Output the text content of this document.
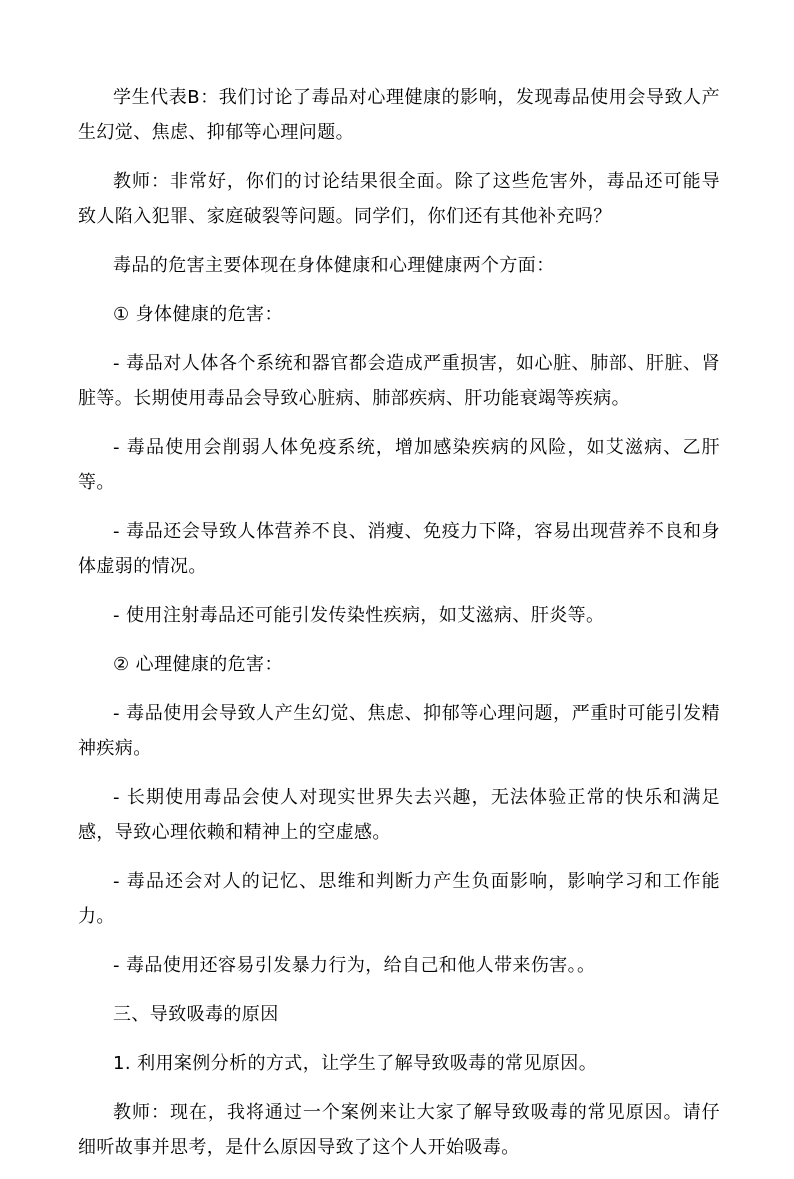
学生代表B：我们讨论了毒品对心理健康的影响，发现毒品使用会导致人产生幻觉、焦虑、抑郁等心理问题。

教师：非常好，你们的讨论结果很全面。除了这些危害外，毒品还可能导致人陷入犯罪、家庭破裂等问题。同学们，你们还有其他补充吗？

毒品的危害主要体现在身体健康和心理健康两个方面：

① 身体健康的危害：

- 毒品对人体各个系统和器官都会造成严重损害，如心脏、肺部、肝脏、肾脏等。长期使用毒品会导致心脏病、肺部疾病、肝功能衰竭等疾病。

- 毒品使用会削弱人体免疫系统，增加感染疾病的风险，如艾滋病、乙肝等。

- 毒品还会导致人体营养不良、消瘦、免疫力下降，容易出现营养不良和身体虚弱的情况。

- 使用注射毒品还可能引发传染性疾病，如艾滋病、肝炎等。

② 心理健康的危害：

- 毒品使用会导致人产生幻觉、焦虑、抑郁等心理问题，严重时可能引发精神疾病。

- 长期使用毒品会使人对现实世界失去兴趣，无法体验正常的快乐和满足感，导致心理依赖和精神上的空虚感。

- 毒品还会对人的记忆、思维和判断力产生负面影响，影响学习和工作能力。

- 毒品使用还容易引发暴力行为，给自己和他人带来伤害。。

三、导致吸毒的原因

1. 利用案例分析的方式，让学生了解导致吸毒的常见原因。

教师：现在，我将通过一个案例来让大家了解导致吸毒的常见原因。请仔细听故事并思考，是什么原因导致了这个人开始吸毒。
